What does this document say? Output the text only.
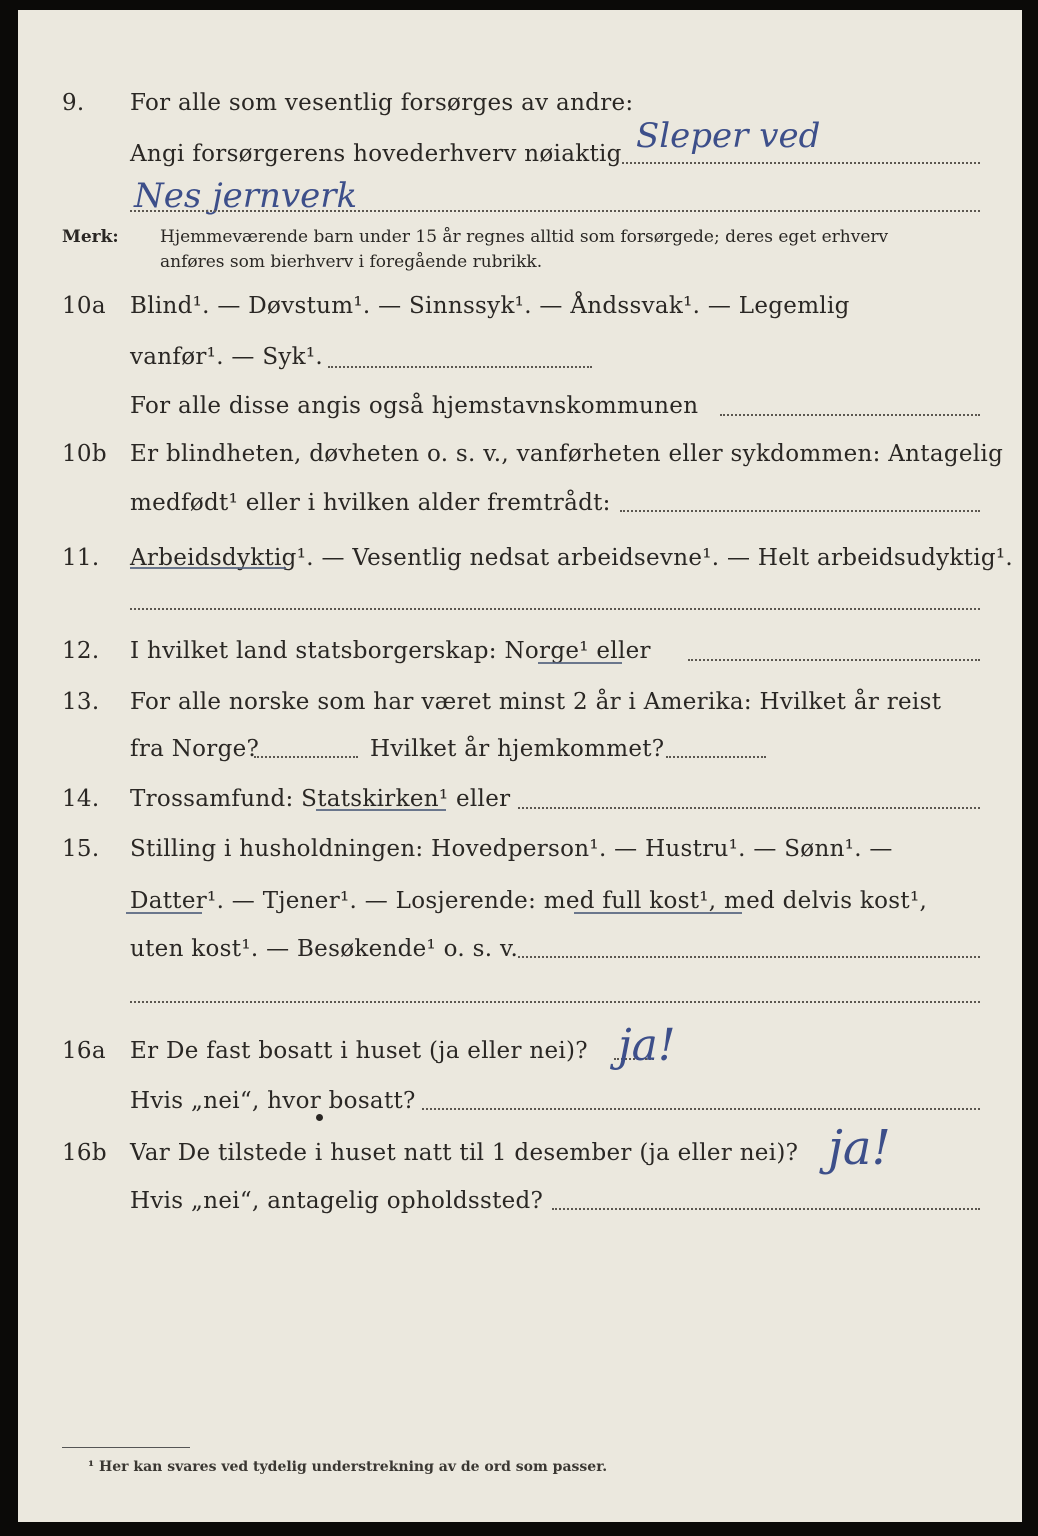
9. For alle som vesentlig forsørges av andre:
Sleper ved
Angi forsørgerens hovederhverv nøiaktig
Nes jernverk
Merk: Hjemmeværende barn under 15 år regnes alltid som forsørgede; deres eget erhverv
anføres som bierhverv i foregående rubrikk.
10a Blind¹. — Døvstum¹. — Sinnssyk¹. — Åndssvak¹. — Legemlig
vanfør¹. — Syk¹.
For alle disse angis også hjemstavnskommunen
10b Er blindheten, døvheten o. s. v., vanførheten eller sykdommen: Antagelig
medfødt¹ eller i hvilken alder fremtrådt:
11. Arbeidsdyktig¹. — Vesentlig nedsat arbeidsevne¹. — Helt arbeidsudyktig¹.
12. I hvilket land statsborgerskap: Norge¹ eller
13. For alle norske som har været minst 2 år i Amerika: Hvilket år reist
fra Norge?	Hvilket år hjemkommet?
14. Trossamfund: Statskirken¹ eller
15. Stilling i husholdningen: Hovedperson¹. — Hustru¹. — Sønn¹. —
Datter¹. — Tjener¹. — Losjerende: med full kost¹, med delvis kost¹,
uten kost¹. — Besøkende¹ o. s. v.
16a Er De fast bosatt i huset (ja eller nei)? ja!
Hvis „nei“, hvor bosatt?
16b Var De tilstede i huset natt til 1 desember (ja eller nei)? ja!
Hvis „nei“, antagelig opholdssted?
¹ Her kan svares ved tydelig understrekning av de ord som passer.
